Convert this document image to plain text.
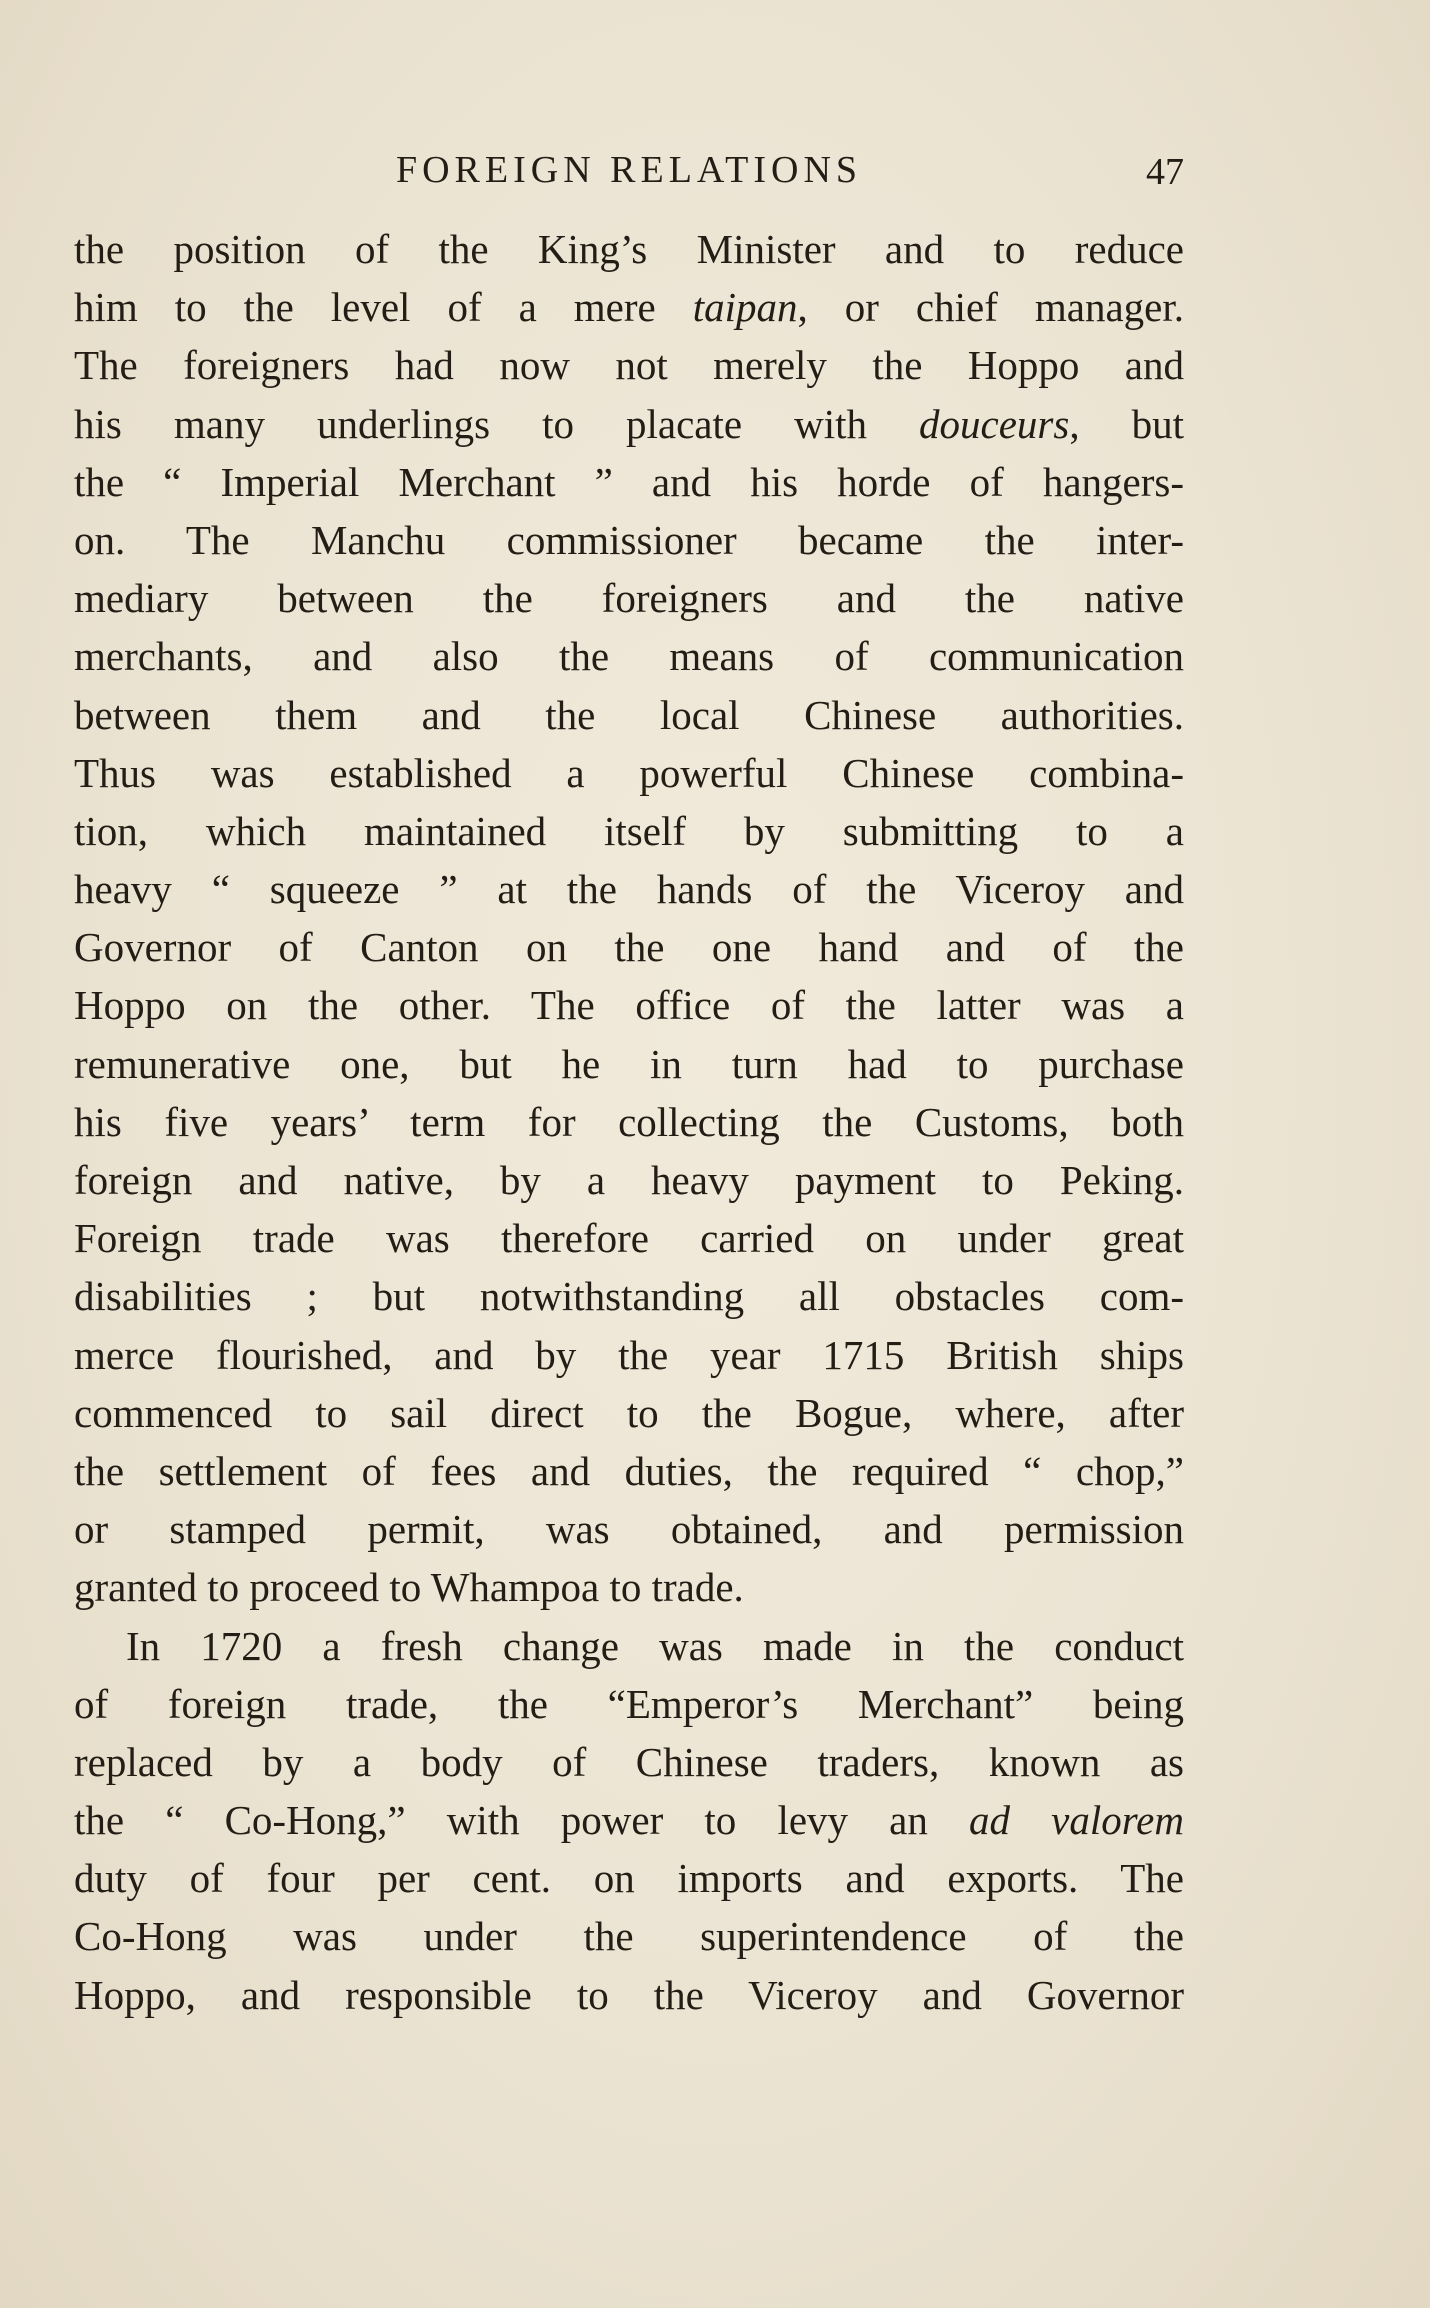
FOREIGN RELATIONS	47
the position of the King’s Minister and to reduce
him to the level of a mere taipan, or chief manager.
The foreigners had now not merely the Hoppo and
his many underlings to placate with douceurs, but
the “ Imperial Merchant ” and his horde of hangers-
on. The Manchu commissioner became the inter-
mediary between the foreigners and the native
merchants, and also the means of communication
between them and the local Chinese authorities.
Thus was established a powerful Chinese combina-
tion, which maintained itself by submitting to a
heavy “ squeeze ” at the hands of the Viceroy and
Governor of Canton on the one hand and of the
Hoppo on the other. The office of the latter was a
remunerative one, but he in turn had to purchase
his five years’ term for collecting the Customs, both
foreign and native, by a heavy payment to Peking.
Foreign trade was therefore carried on under great
disabilities ; but notwithstanding all obstacles com-
merce flourished, and by the year 1715 British ships
commenced to sail direct to the Bogue, where, after
the settlement of fees and duties, the required “ chop,”
or stamped permit, was obtained, and permission
granted to proceed to Whampoa to trade.
In 1720 a fresh change was made in the conduct
of foreign trade, the “Emperor’s Merchant” being
replaced by a body of Chinese traders, known as
the “ Co-Hong,” with power to levy an ad valorem
duty of four per cent. on imports and exports. The
Co-Hong was under the superintendence of the
Hoppo, and responsible to the Viceroy and Governor
